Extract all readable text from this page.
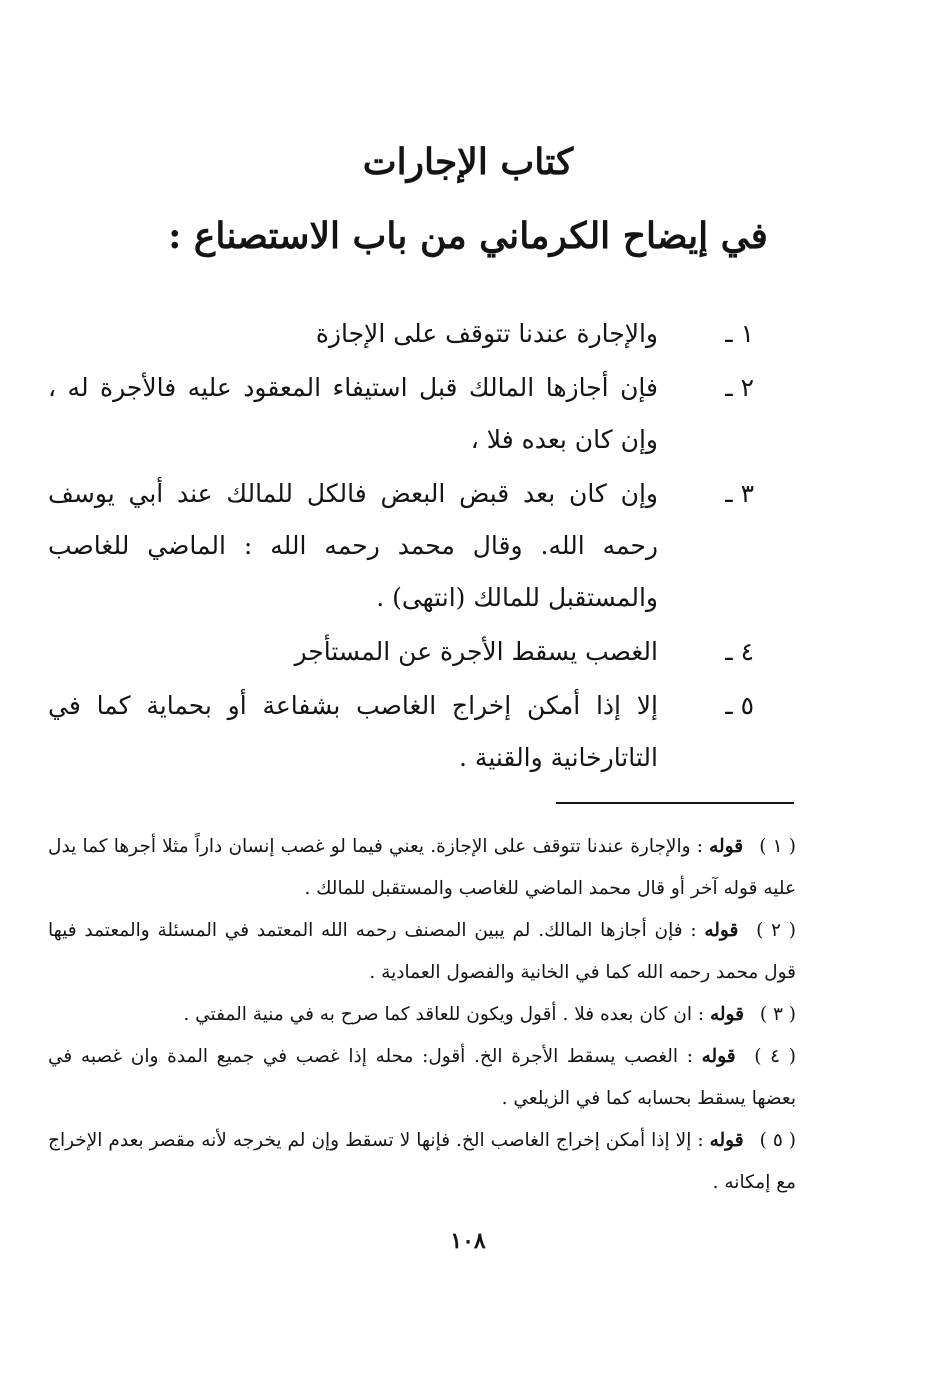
كتاب الإجارات
في إيضاح الكرماني من باب الاستصناع :
١ ـ
والإجارة عندنا تتوقف على الإجازة
٢ ـ
فإن أجازها المالك قبل استيفاء المعقود عليه فالأجرة له ، وإن كان بعده فلا ،
٣ ـ
وإن كان بعد قبض البعض فالكل للمالك عند أبي يوسف رحمه الله. وقال محمد رحمه الله : الماضي للغاصب والمستقبل للمالك (انتهى) .
٤ ـ
الغصب يسقط الأجرة عن المستأجر
٥ ـ
إلا إذا أمكن إخراج الغاصب بشفاعة أو بحماية كما في التاتارخانية والقنية .

( ١ ) قوله : والإجارة عندنا تتوقف على الإجازة. يعني فيما لو غصب إنسان داراً مثلا أجرها كما يدل عليه قوله آخر أو قال محمد الماضي للغاصب والمستقبل للمالك .

( ٢ ) قوله : فإن أجازها المالك. لم يبين المصنف رحمه الله المعتمد في المسئلة والمعتمد فيها قول محمد رحمه الله كما في الخانية والفصول العمادية .

( ٣ ) قوله : ان كان بعده فلا . أقول ويكون للعاقد كما صرح به في منية المفتي .

( ٤ ) قوله : الغصب يسقط الأجرة الخ. أقول: محله إذا غصب في جميع المدة وان غصبه في بعضها يسقط بحسابه كما في الزيلعي .

( ٥ ) قوله : إلا إذا أمكن إخراج الغاصب الخ. فإنها لا تسقط وإن لم يخرجه لأنه مقصر بعدم الإخراج مع إمكانه .

١٠٨
